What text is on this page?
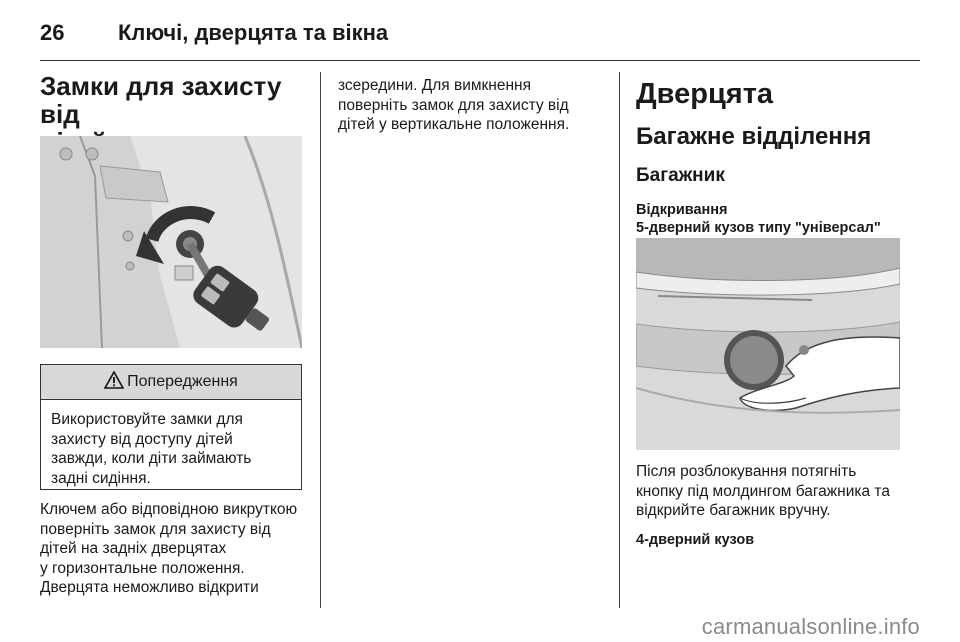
26 Ключі, дверцята та вікна
Замки для захисту від
Попередження
Використовуйте замки для
захисту від доступу дітей
завжди, коли діти займають
задні сидіння.
Ключем або відповідною викруткою
поверніть замок для захисту від
дітей на задніх дверцятах
у горизонтальне положення.
Дверцята неможливо відкрити
зсередини. Для вимкнення
поверніть замок для захисту від
дітей у вертикальне положення.
Дверцята
Багажне відділення
Багажник
Відкривання
5-дверний кузов типу "універсал"
Після розблокування потягніть
кнопку під молдингом багажника та
відкрийте багажник вручну.
4-дверний кузов
carmanualsonline.info
